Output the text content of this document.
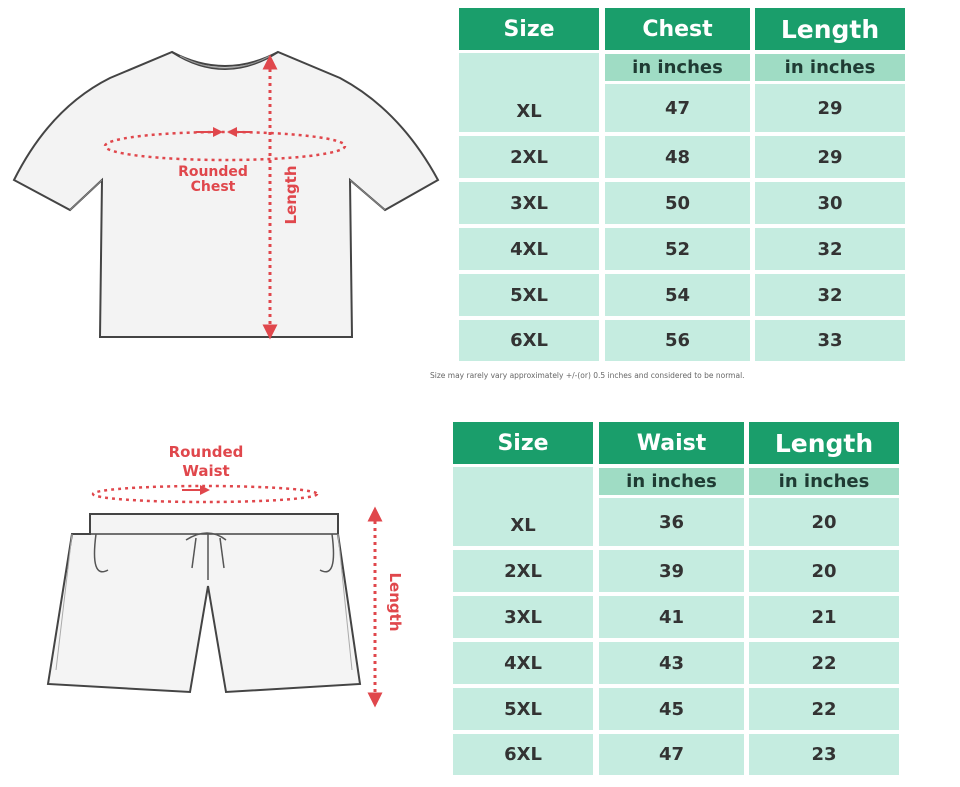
Rounded
Chest	Length
Rounded
Waist
Length
Size	Chest	Length
in inches	in inches
XL	47	29
2XL	48	29
3XL	50	30
4XL	52	32
5XL	54	32
6XL	56	33
Size may rarely vary approximately +/-(or) 0.5 inches and considered to be normal.
Size	Waist	Length
in inches	in inches
XL	36	20
2XL	39	20
3XL	41	21
4XL	43	22
5XL	45	22
6XL	47	23
